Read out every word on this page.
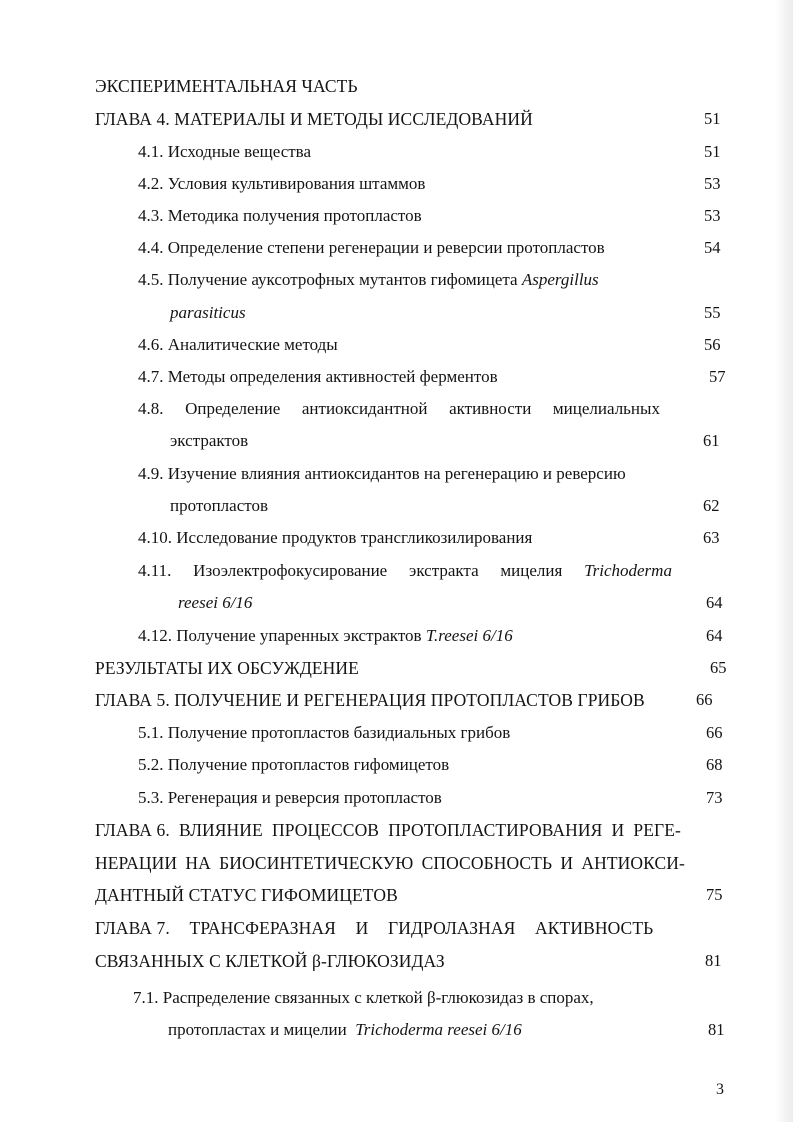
ЭКСПЕРИМЕНТАЛЬНАЯ ЧАСТЬ
ГЛАВА 4. МАТЕРИАЛЫ И МЕТОДЫ ИССЛЕДОВАНИЙ	51
4.1. Исходные вещества	51
4.2. Условия культивирования штаммов	53
4.3. Методика получения протопластов	53
4.4. Определение степени регенерации и реверсии протопластов	54
4.5. Получение ауксотрофных мутантов гифомицета Aspergillus
parasiticus	55
4.6. Аналитические методы	56
4.7. Методы определения активностей ферментов	57
4.8. Определение антиоксидантной активности мицелиальных
экстрактов	61
4.9. Изучение влияния антиоксидантов на регенерацию и реверсию
протопластов	62
4.10. Исследование продуктов трансгликозилирования	63
4.11. Изоэлектрофокусирование экстракта мицелия Trichoderma
reesei 6/16	64
4.12. Получение упаренных экстрактов T.reesei 6/16	64
РЕЗУЛЬТАТЫ ИХ ОБСУЖДЕНИЕ	65
ГЛАВА 5. ПОЛУЧЕНИЕ И РЕГЕНЕРАЦИЯ ПРОТОПЛАСТОВ ГРИБОВ	66
5.1. Получение протопластов базидиальных грибов	66
5.2. Получение протопластов гифомицетов	68
5.3. Регенерация и реверсия протопластов	73
ГЛАВА 6. ВЛИЯНИЕ ПРОЦЕССОВ ПРОТОПЛАСТИРОВАНИЯ И РЕГЕ-
НЕРАЦИИ НА БИОСИНТЕТИЧЕСКУЮ СПОСОБНОСТЬ И АНТИОКСИ-
ДАНТНЫЙ СТАТУС ГИФОМИЦЕТОВ	75
ГЛАВА 7. ТРАНСФЕРАЗНАЯ И ГИДРОЛАЗНАЯ АКТИВНОСТЬ
СВЯЗАННЫХ С КЛЕТКОЙ β-ГЛЮКОЗИДАЗ	81
7.1. Распределение связанных с клеткой β-глюкозидаз в спорах,
протопластах и мицелии Trichoderma reesei 6/16	81
3
